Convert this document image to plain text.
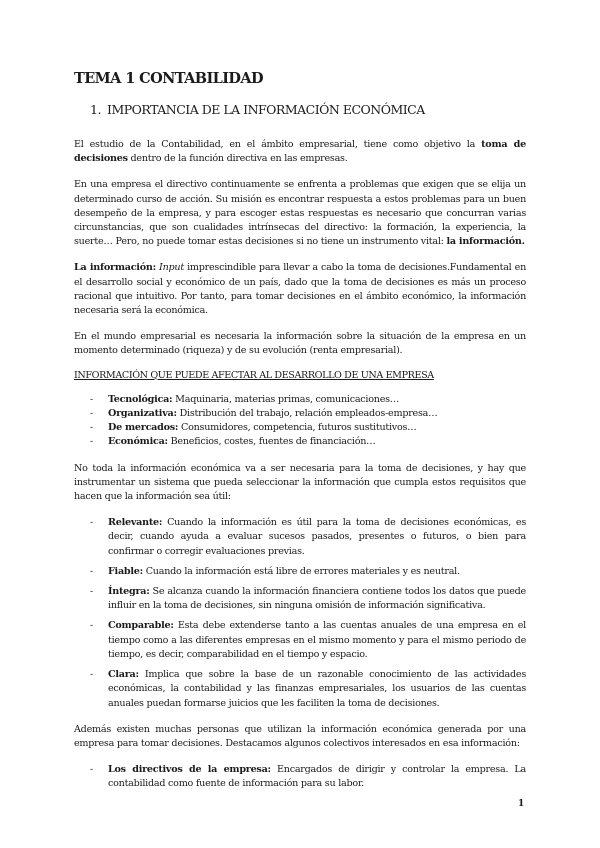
TEMA 1 CONTABILIDAD
1. IMPORTANCIA DE LA INFORMACIÓN ECONÓMICA

El estudio de la Contabilidad, en el ámbito empresarial, tiene como objetivo la toma de decisiones dentro de la función directiva en las empresas.

En una empresa el directivo continuamente se enfrenta a problemas que exigen que se elija un determinado curso de acción. Su misión es encontrar respuesta a estos problemas para un buen desempeño de la empresa, y para escoger estas respuestas es necesario que concurran varias circunstancias, que son cualidades intrínsecas del directivo: la formación, la experiencia, la suerte… Pero, no puede tomar estas decisiones si no tiene un instrumento vital: la información.

La información: Input imprescindible para llevar a cabo la toma de decisiones.Fundamental en el desarrollo social y económico de un país, dado que la toma de decisiones es más un proceso racional que intuitivo. Por tanto, para tomar decisiones en el ámbito económico, la información necesaria será la económica.

En el mundo empresarial es necesaria la información sobre la situación de la empresa en un momento determinado (riqueza) y de su evolución (renta empresarial).

INFORMACIÓN QUE PUEDE AFECTAR AL DESARROLLO DE UNA EMPRESA

- Tecnológica: Maquinaria, materias primas, comunicaciones…
- Organizativa: Distribución del trabajo, relación empleados-empresa…
- De mercados: Consumidores, competencia, futuros sustitutivos…
- Económica: Beneficios, costes, fuentes de financiación…

No toda la información económica va a ser necesaria para la toma de decisiones, y hay que instrumentar un sistema que pueda seleccionar la información que cumpla estos requisitos que hacen que la información sea útil:

- Relevante: Cuando la información es útil para la toma de decisiones económicas, es decir, cuando ayuda a evaluar sucesos pasados, presentes o futuros, o bien para confirmar o corregir evaluaciones previas.
- Fiable: Cuando la información está libre de errores materiales y es neutral.
- Íntegra: Se alcanza cuando la información financiera contiene todos los datos que puede influir en la toma de decisiones, sin ninguna omisión de información significativa.
- Comparable: Esta debe extenderse tanto a las cuentas anuales de una empresa en el tiempo como a las diferentes empresas en el mismo momento y para el mismo periodo de tiempo, es decir, comparabilidad en el tiempo y espacio.
- Clara: Implica que sobre la base de un razonable conocimiento de las actividades económicas, la contabilidad y las finanzas empresariales, los usuarios de las cuentas anuales puedan formarse juicios que les faciliten la toma de decisiones.

Además existen muchas personas que utilizan la información económica generada por una empresa para tomar decisiones. Destacamos algunos colectivos interesados en esa información:

- Los directivos de la empresa: Encargados de dirigir y controlar la empresa. La contabilidad como fuente de información para su labor.
1
